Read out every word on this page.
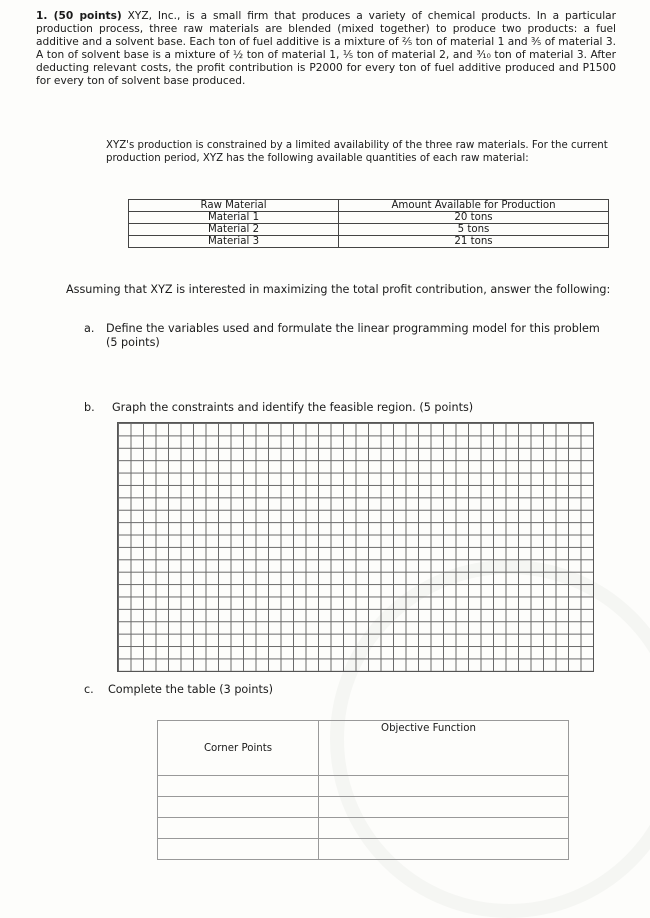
1. (50 points) XYZ, Inc., is a small firm that produces a variety of chemical products. In a particular production process, three raw materials are blended (mixed together) to produce two products: a fuel additive and a solvent base. Each ton of fuel additive is a mixture of ⅖ ton of material 1 and ⅗ of material 3. A ton of solvent base is a mixture of ½ ton of material 1, ⅕ ton of material 2, and ³⁄₁₀ ton of material 3. After deducting relevant costs, the profit contribution is P2000 for every ton of fuel additive produced and P1500 for every ton of solvent base produced.
XYZ's production is constrained by a limited availability of the three raw materials. For the current production period, XYZ has the following available quantities of each raw material:
Raw Material	Amount Available for Production
Material 1	20 tons
Material 2	5 tons
Material 3	21 tons
Assuming that XYZ is interested in maximizing the total profit contribution, answer the following:
a.	Define the variables used and formulate the linear programming model for this problem (5 points)
b.	Graph the constraints and identify the feasible region. (5 points)
c.	Complete the table (3 points)
Corner Points	Objective Function
